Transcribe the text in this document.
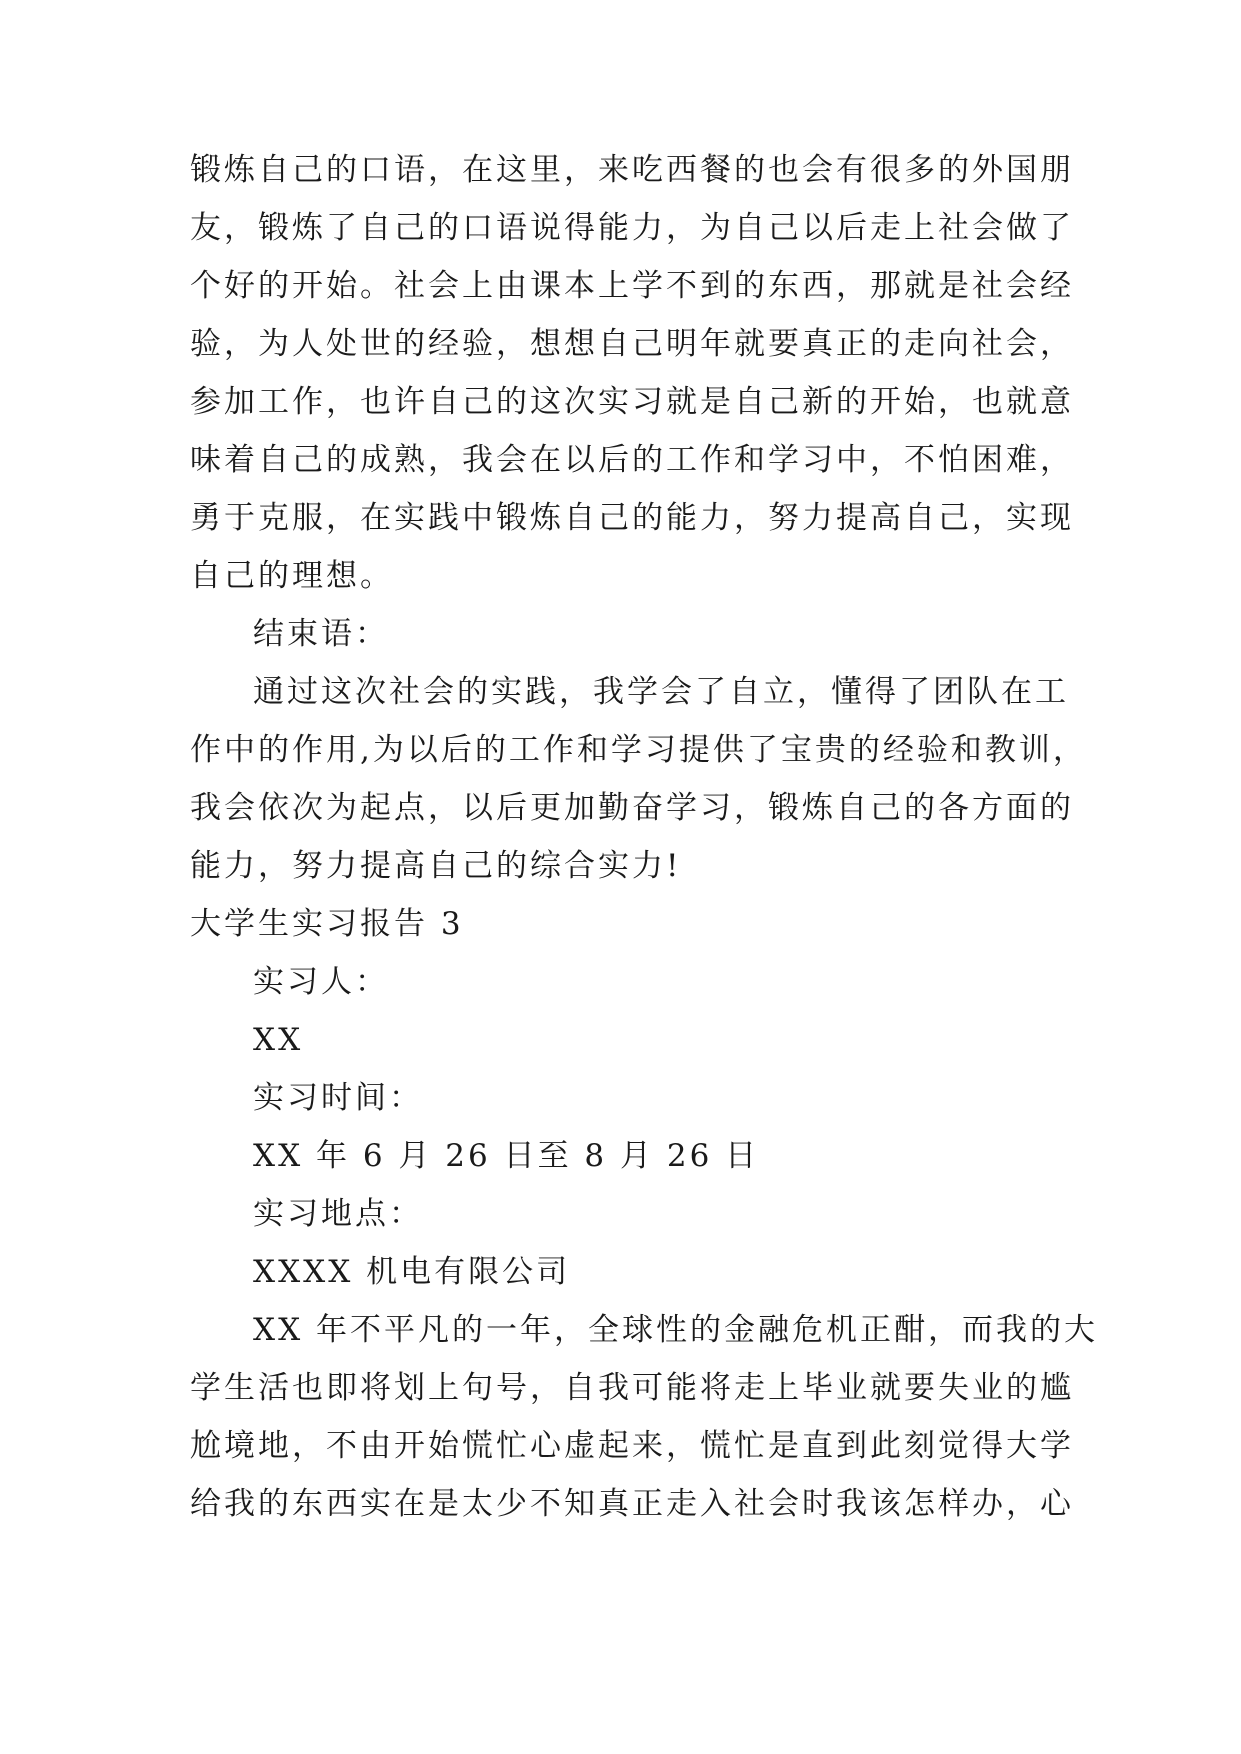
锻炼自己的口语，在这里，来吃西餐的也会有很多的外国朋
友，锻炼了自己的口语说得能力，为自己以后走上社会做了
个好的开始。社会上由课本上学不到的东西，那就是社会经
验，为人处世的经验，想想自己明年就要真正的走向社会，
参加工作，也许自己的这次实习就是自己新的开始，也就意
味着自己的成熟，我会在以后的工作和学习中，不怕困难，
勇于克服，在实践中锻炼自己的能力，努力提高自己，实现
自己的理想。
结束语：
通过这次社会的实践，我学会了自立，懂得了团队在工
作中的作用,为以后的工作和学习提供了宝贵的经验和教训，
我会依次为起点，以后更加勤奋学习，锻炼自己的各方面的
能力，努力提高自己的综合实力!
大学生实习报告 3
实习人：
XX
实习时间：
XX 年 6 月 26 日至 8 月 26 日
实习地点：
XXXX 机电有限公司
XX 年不平凡的一年，全球性的金融危机正酣，而我的大
学生活也即将划上句号，自我可能将走上毕业就要失业的尴
尬境地，不由开始慌忙心虚起来，慌忙是直到此刻觉得大学
给我的东西实在是太少不知真正走入社会时我该怎样办，心
